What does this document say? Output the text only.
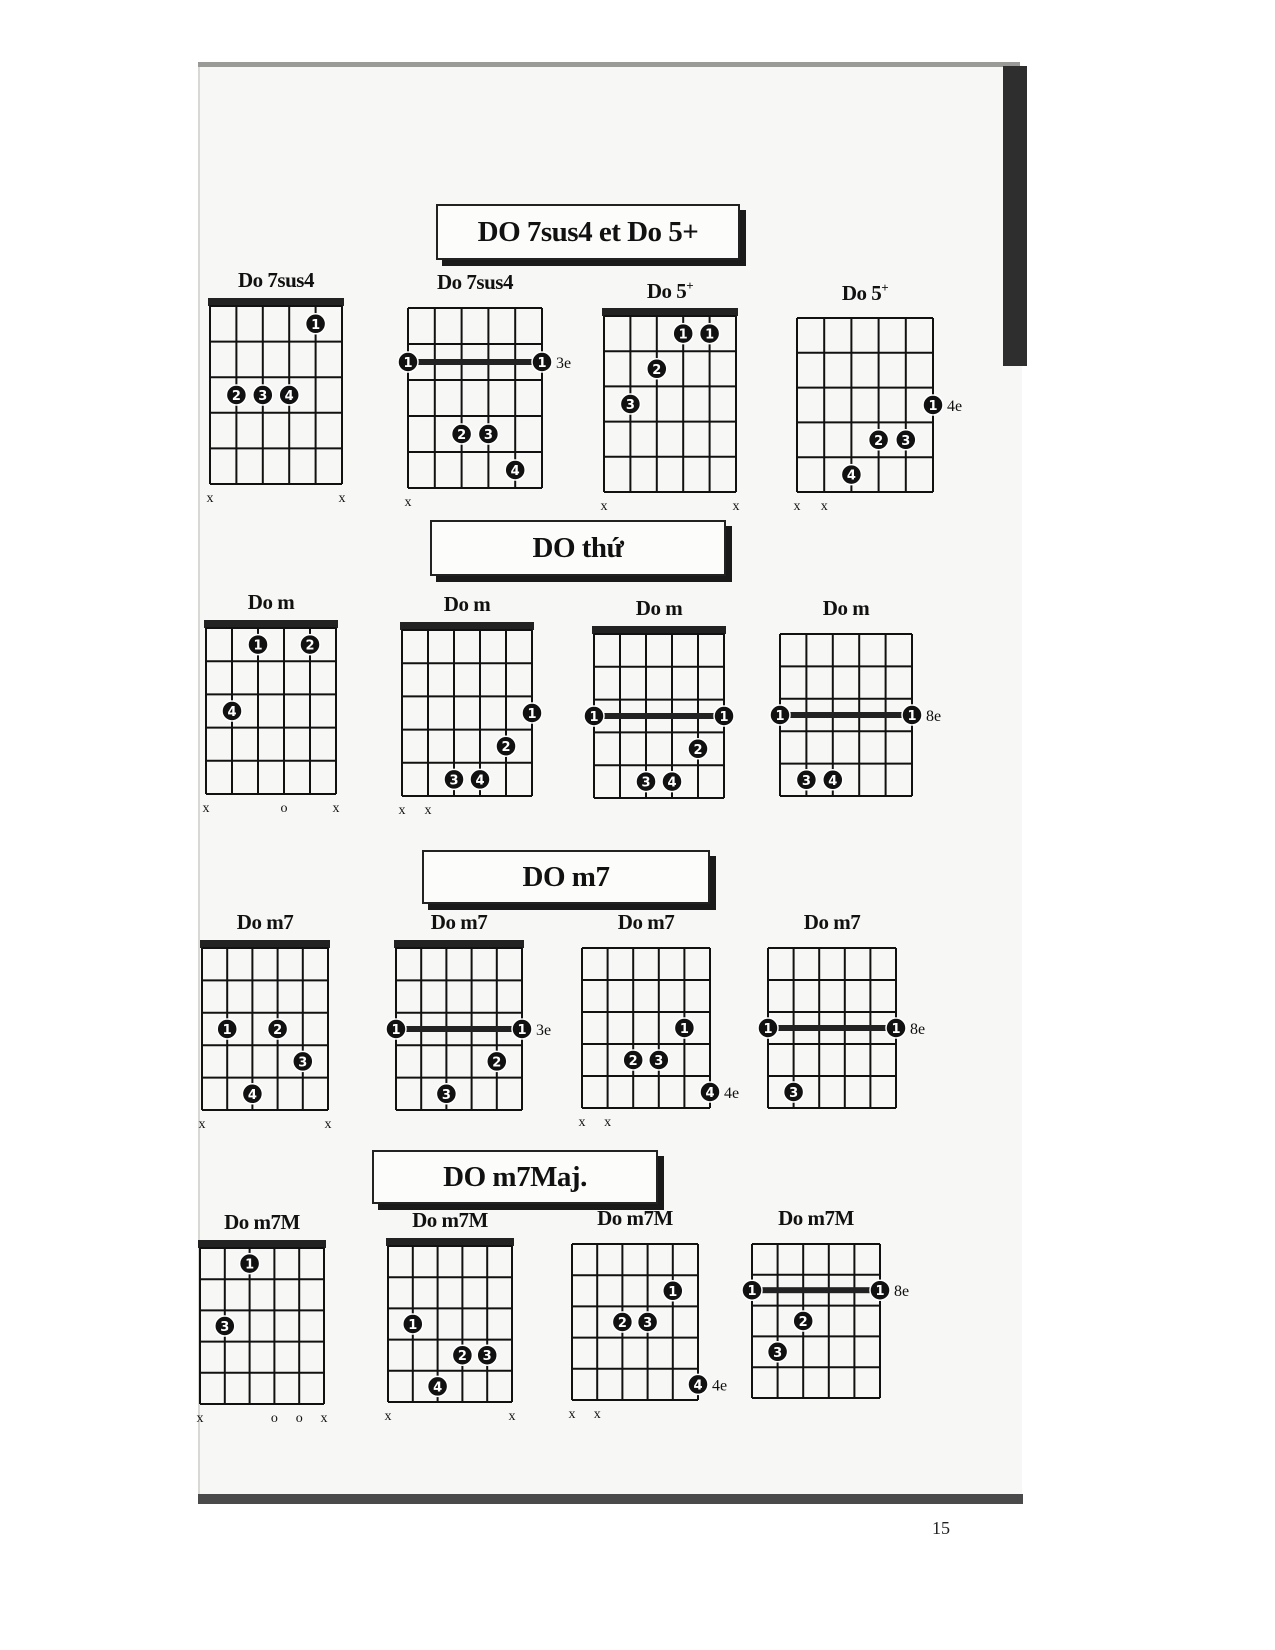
DO 7sus4 et Do 5+
DO thứ
DO m7
DO m7Maj.
Do 7sus4
1
2 3 4
x	x
Do 7sus4
1	1
2 3
4
3e
x
Do 5+
1 1
2
3
x	x
Do 5+
1
2 3
4
4e
x x
Do m
1	2
4
x	o	x
Do m
1
2
3 4
x x
Do m
1	1
2
3 4
Do m
1	1
3 4
8e
Do m7
1	2
3
4
x	x
Do m7
1	1
2
3
3e
Do m7
1
2 3
4 4e
x x
Do m7
1	1
3
8e
Do m7M
1
3
x	o o x
Do m7M
1
2 3
4
x	x
Do m7M
1
2 3
4 4e
x x
Do m7M
1	1
2
3
8e
15
